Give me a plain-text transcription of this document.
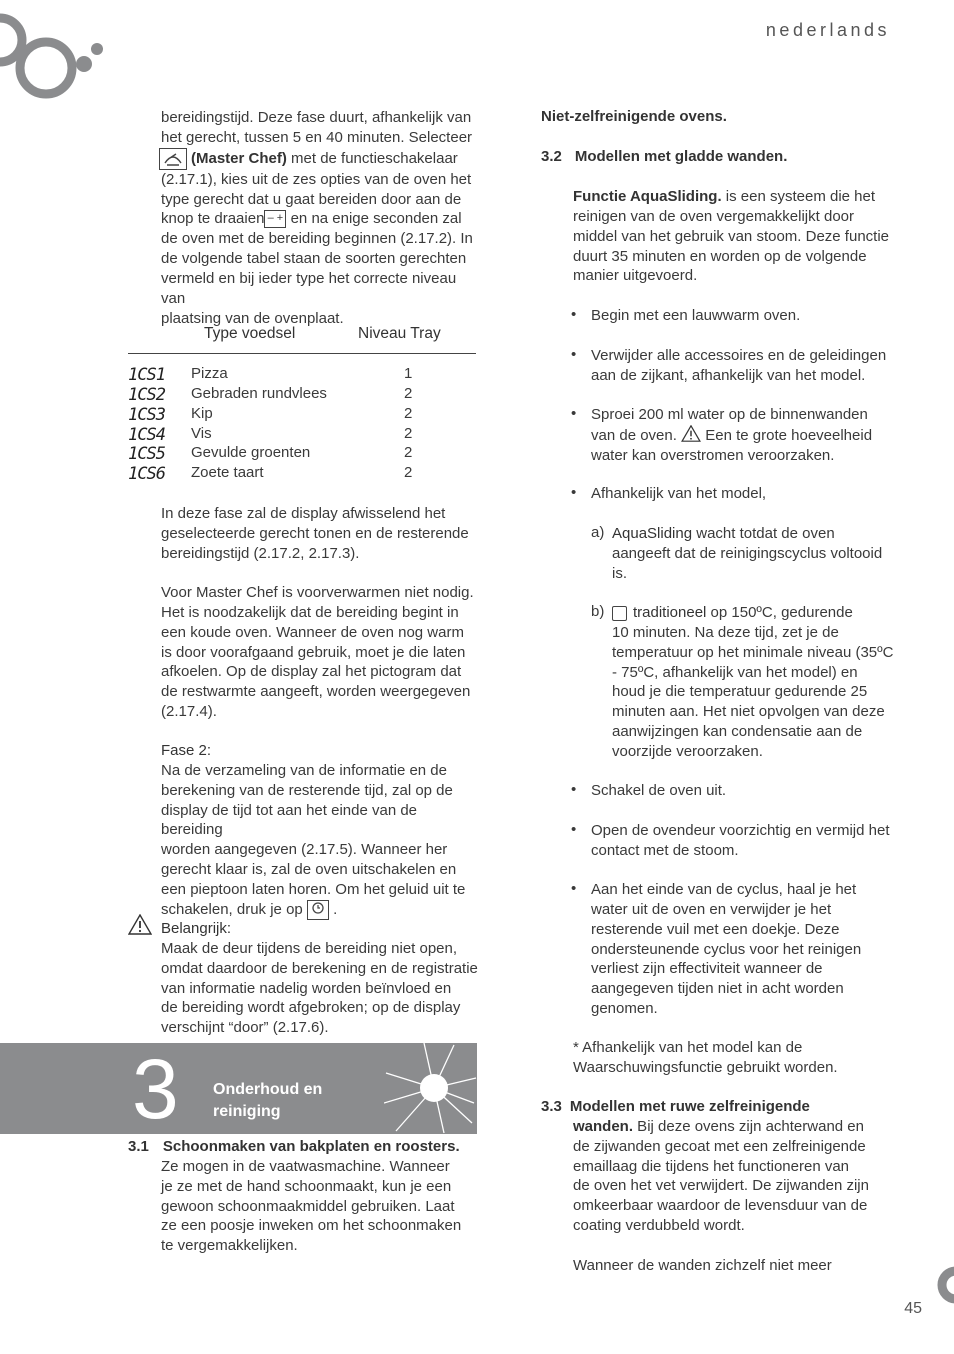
nederlands
45

bereidingstijd. Deze fase duurt, afhankelijk van

het gerecht, tussen 5 en 40 minuten. Selecteer

(Master Chef) met de functieschakelaar

(2.17.1), kies uit de zes opties van de oven het

type gerecht dat u gaat bereiden door aan de

knop te draaien – + en na enige seconden zal

de oven met de bereiding beginnen (2.17.2). In

de volgende tabel staan de soorten gerechten

vermeld en bij ieder type het correcte niveau van

plaatsing van de ovenplaat.

Type voedsel	Niveau Tray
1CS1 Pizza	1
1CS2 Gebraden rundvlees	2
1CS3 Kip	2
1CS4 Vis	2
1CS5 Gevulde groenten	2
1CS6 Zoete taart	2

In deze fase zal de display afwisselend het

geselecteerde gerecht tonen en de resterende

bereidingstijd (2.17.2, 2.17.3).

Voor Master Chef is voorverwarmen niet nodig.

Het is noodzakelijk dat de bereiding begint in

een koude oven. Wanneer de oven nog warm

is door voorafgaand gebruik, moet je die laten

afkoelen. Op de display zal het pictogram dat

de restwarmte aangeeft, worden weergegeven

(2.17.4).

Fase 2:

Na de verzameling van de informatie en de

berekening van de resterende tijd, zal op de

display de tijd tot aan het einde van de bereiding

worden aangegeven (2.17.5). Wanneer her

gerecht klaar is, zal de oven uitschakelen en

een pieptoon laten horen. Om het geluid uit te

schakelen, druk je op  .

Belangrijk:

Maak de deur tijdens de bereiding niet open,

omdat daardoor de berekening en de registratie

van informatie nadelig worden beïnvloed en

de bereiding wordt afgebroken; op de display

verschijnt “door” (2.17.6).

3 Onderhoud en
reiniging

3.1 Schoonmaken van bakplaten en roosters.

Ze mogen in de vaatwasmachine. Wanneer

je ze met de hand schoonmaakt, kun je een

gewoon schoonmaakmiddel gebruiken. Laat

ze een poosje inweken om het schoonmaken

te vergemakkelijken.

Niet-zelfreinigende ovens.
3.2 Modellen met gladde wanden.

Functie AquaSliding. is een systeem die het

reinigen van de oven vergemakkelijkt door

middel van het gebruik van stoom. Deze functie

duurt 35 minuten en worden op de volgende

manier uitgevoerd.

• Begin met een lauwwarm oven.

• Verwijder alle accessoires en de geleidingen

aan de zijkant, afhankelijk van het model.

• Sproei 200 ml water op de binnenwanden

van de oven.  Een te grote hoeveelheid

water kan overstromen veroorzaken.

• Afhankelijk van het model,

a) AquaSliding wacht totdat de oven

aangeeft dat de reinigingscyclus voltooid

is.

b)	traditioneel op 150ºC, gedurende

10 minuten. Na deze tijd, zet je de

temperatuur op het minimale niveau (35ºC

- 75ºC, afhankelijk van het model) en

houd je die temperatuur gedurende 25

minuten aan. Het niet opvolgen van deze

aanwijzingen kan condensatie aan de

voorzijde veroorzaken.

• Schakel de oven uit.

• Open de ovendeur voorzichtig en vermijd het

contact met de stoom.

• Aan het einde van de cyclus, haal je het

water uit de oven en verwijder je het

resterende vuil met een doekje. Deze

ondersteunende cyclus voor het reinigen

verliest zijn effectiviteit wanneer de

aangegeven tijden niet in acht worden

genomen.

* Afhankelijk van het model kan de

Waarschuwingsfunctie gebruikt worden.

3.3 Modellen met ruwe zelfreinigende

wanden. Bij deze ovens zijn achterwand en

de zijwanden gecoat met een zelfreinigende

emaillaag die tijdens het functioneren van

de oven het vet verwijdert. De zijwanden zijn

omkeerbaar waardoor de levensduur van de

coating verdubbeld wordt.

Wanneer de wanden zichzelf niet meer
